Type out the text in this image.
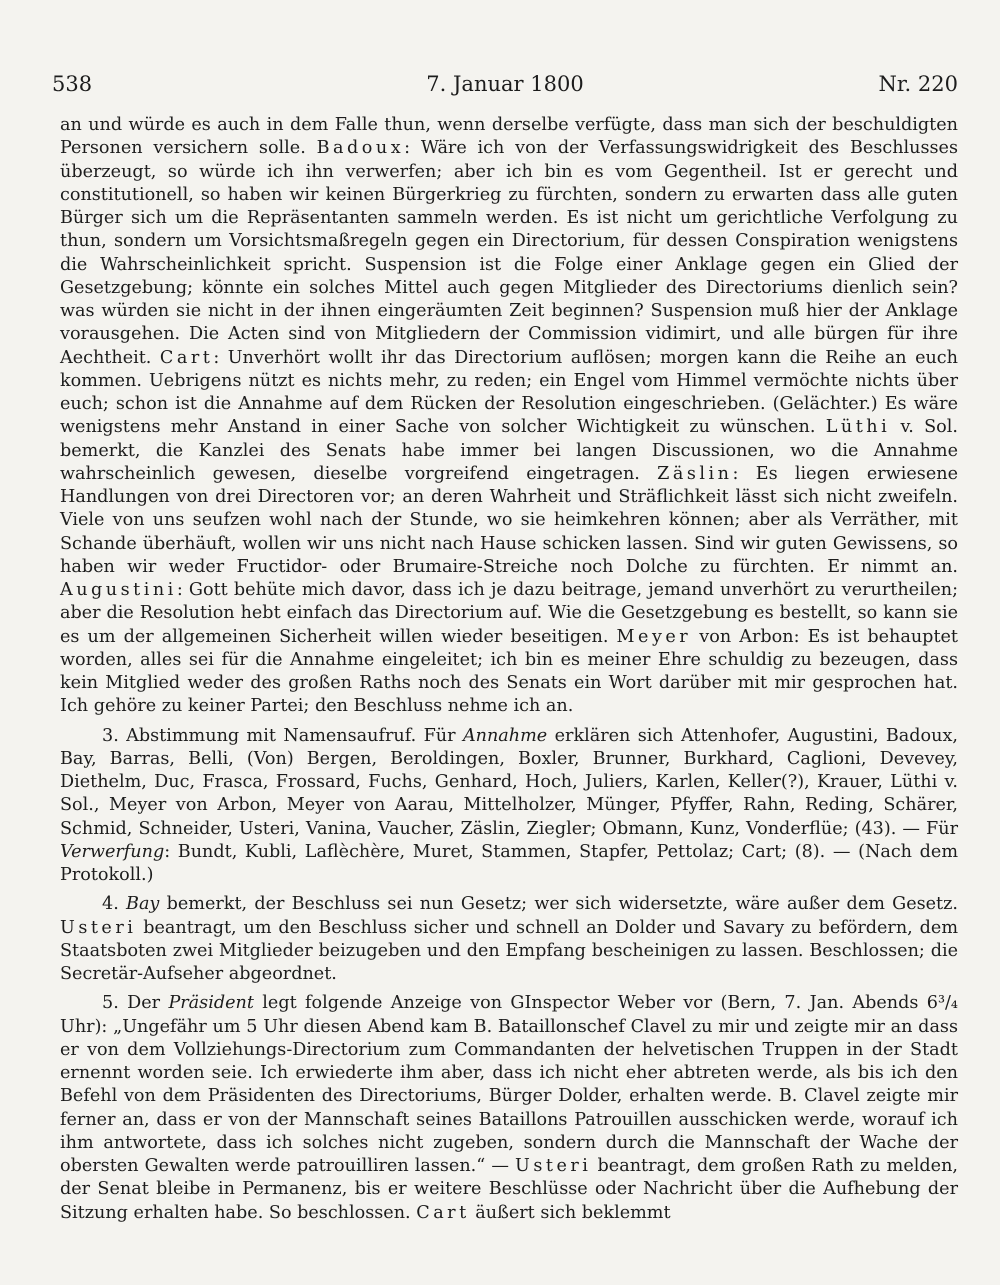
7. Januar 1800
538	Nr. 220

an und würde es auch in dem Falle thun, wenn derselbe verfügte, dass man sich der beschuldigten Personen versichern solle. Badoux: Wäre ich von der Verfassungswidrigkeit des Beschlusses überzeugt, so würde ich ihn verwerfen; aber ich bin es vom Gegentheil. Ist er gerecht und constitutionell, so haben wir keinen Bürgerkrieg zu fürchten, sondern zu erwarten dass alle guten Bürger sich um die Repräsentanten sammeln werden. Es ist nicht um gerichtliche Verfolgung zu thun, sondern um Vorsichtsmaßregeln gegen ein Directorium, für dessen Conspiration wenigstens die Wahrscheinlichkeit spricht. Suspension ist die Folge einer Anklage gegen ein Glied der Gesetzgebung; könnte ein solches Mittel auch gegen Mitglieder des Directoriums dienlich sein? was würden sie nicht in der ihnen eingeräumten Zeit beginnen? Suspension muß hier der Anklage vorausgehen. Die Acten sind von Mitgliedern der Commission vidimirt, und alle bürgen für ihre Aechtheit. Cart: Unverhört wollt ihr das Directorium auflösen; morgen kann die Reihe an euch kommen. Uebrigens nützt es nichts mehr, zu reden; ein Engel vom Himmel vermöchte nichts über euch; schon ist die Annahme auf dem Rücken der Resolution eingeschrieben. (Gelächter.) Es wäre wenigstens mehr Anstand in einer Sache von solcher Wichtigkeit zu wünschen. Lüthi v. Sol. bemerkt, die Kanzlei des Senats habe immer bei langen Discussionen, wo die Annahme wahrscheinlich gewesen, dieselbe vorgreifend eingetragen. Zäslin: Es liegen erwiesene Handlungen von drei Directoren vor; an deren Wahrheit und Sträflichkeit lässt sich nicht zweifeln. Viele von uns seufzen wohl nach der Stunde, wo sie heimkehren können; aber als Verräther, mit Schande überhäuft, wollen wir uns nicht nach Hause schicken lassen. Sind wir guten Gewissens, so haben wir weder Fructidor- oder Brumaire-Streiche noch Dolche zu fürchten. Er nimmt an. Augustini: Gott behüte mich davor, dass ich je dazu beitrage, jemand unverhört zu verurtheilen; aber die Resolution hebt einfach das Directorium auf. Wie die Gesetzgebung es bestellt, so kann sie es um der allgemeinen Sicherheit willen wieder beseitigen. Meyer von Arbon: Es ist behauptet worden, alles sei für die Annahme eingeleitet; ich bin es meiner Ehre schuldig zu bezeugen, dass kein Mitglied weder des großen Raths noch des Senats ein Wort darüber mit mir gesprochen hat. Ich gehöre zu keiner Partei; den Beschluss nehme ich an.

3. Abstimmung mit Namensaufruf. Für Annahme erklären sich Attenhofer, Augustini, Badoux, Bay, Barras, Belli, (Von) Bergen, Beroldingen, Boxler, Brunner, Burkhard, Caglioni, Devevey, Diethelm, Duc, Frasca, Frossard, Fuchs, Genhard, Hoch, Juliers, Karlen, Keller(?), Krauer, Lüthi v. Sol., Meyer von Arbon, Meyer von Aarau, Mittelholzer, Münger, Pfyffer, Rahn, Reding, Schärer, Schmid, Schneider, Usteri, Vanina, Vaucher, Zäslin, Ziegler; Obmann, Kunz, Vonderflüe; (43). — Für Verwerfung: Bundt, Kubli, Laflèchère, Muret, Stammen, Stapfer, Pettolaz; Cart; (8). — (Nach dem Protokoll.)

4. Bay bemerkt, der Beschluss sei nun Gesetz; wer sich widersetzte, wäre außer dem Gesetz. Usteri beantragt, um den Beschluss sicher und schnell an Dolder und Savary zu befördern, dem Staatsboten zwei Mitglieder beizugeben und den Empfang bescheinigen zu lassen. Beschlossen; die Secretär-Aufseher abgeordnet.

5. Der Präsident legt folgende Anzeige von GInspector Weber vor (Bern, 7. Jan. Abends 6³/₄ Uhr): „Ungefähr um 5 Uhr diesen Abend kam B. Bataillonschef Clavel zu mir und zeigte mir an dass er von dem Vollziehungs-Directorium zum Commandanten der helvetischen Truppen in der Stadt ernennt worden seie. Ich erwiederte ihm aber, dass ich nicht eher abtreten werde, als bis ich den Befehl von dem Präsidenten des Directoriums, Bürger Dolder, erhalten werde. B. Clavel zeigte mir ferner an, dass er von der Mannschaft seines Bataillons Patrouillen ausschicken werde, worauf ich ihm antwortete, dass ich solches nicht zugeben, sondern durch die Mannschaft der Wache der obersten Gewalten werde patrouilliren lassen.“ — Usteri beantragt, dem großen Rath zu melden, der Senat bleibe in Permanenz, bis er weitere Beschlüsse oder Nachricht über die Aufhebung der Sitzung erhalten habe. So beschlossen. Cart äußert sich beklemmt
